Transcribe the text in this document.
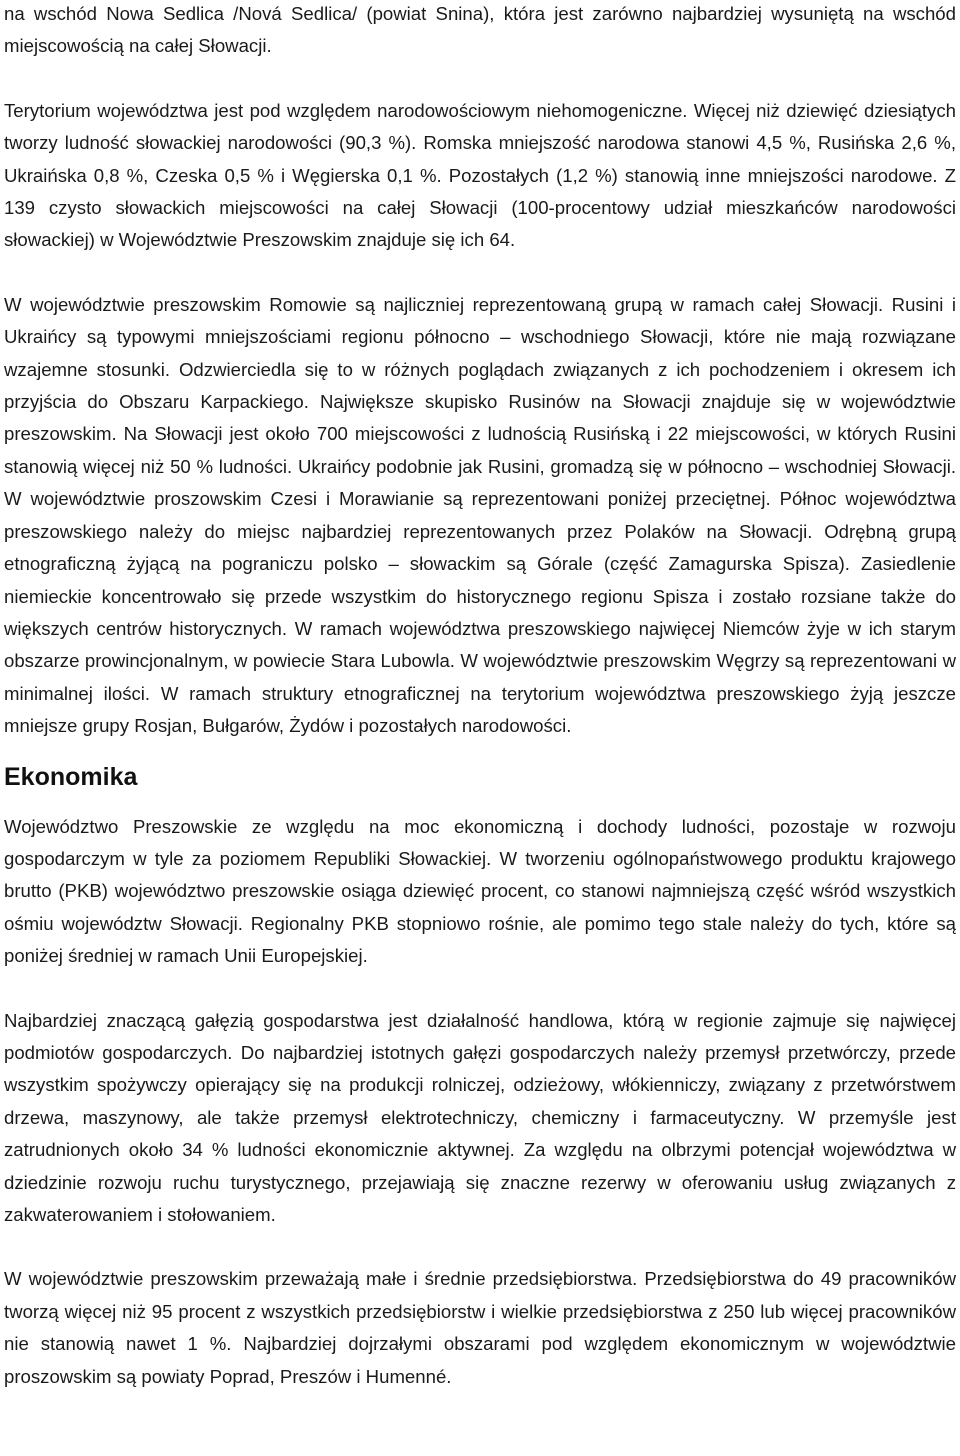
na wschód Nowa Sedlica /Nová Sedlica/ (powiat Snina), która jest zarówno najbardziej wysuniętą na wschód miejscowością na całej Słowacji.

Terytorium województwa jest pod względem narodowościowym niehomogeniczne. Więcej niż dziewięć dziesiątych tworzy ludność słowackiej narodowości (90,3 %). Romska mniejszość narodowa stanowi 4,5 %, Rusińska 2,6 %, Ukraińska 0,8 %, Czeska 0,5 % i Węgierska 0,1 %. Pozostałych (1,2 %) stanowią inne mniejszości narodowe. Z 139 czysto słowackich miejscowości na całej Słowacji (100-procentowy udział mieszkańców narodowości słowackiej) w Województwie Preszowskim znajduje się ich 64.

W województwie preszowskim Romowie są najliczniej reprezentowaną grupą w ramach całej Słowacji. Rusini i Ukraińcy są typowymi mniejszościami regionu północno – wschodniego Słowacji, które nie mają rozwiązane wzajemne stosunki. Odzwierciedla się to w różnych poglądach związanych z ich pochodzeniem i okresem ich przyjścia do Obszaru Karpackiego. Największe skupisko Rusinów na Słowacji znajduje się w województwie preszowskim. Na Słowacji jest około 700 miejscowości z ludnością Rusińską i 22 miejscowości, w których Rusini stanowią więcej niż 50 % ludności. Ukraińcy podobnie jak Rusini, gromadzą się w północno – wschodniej Słowacji. W województwie proszowskim Czesi i Morawianie są reprezentowani poniżej przeciętnej. Północ województwa preszowskiego należy do miejsc najbardziej reprezentowanych przez Polaków na Słowacji. Odrębną grupą etnograficzną żyjącą na pograniczu polsko – słowackim są Górale (część Zamagurska Spisza). Zasiedlenie niemieckie koncentrowało się przede wszystkim do historycznego regionu Spisza i zostało rozsiane także do większych centrów historycznych. W ramach województwa preszowskiego najwięcej Niemców żyje w ich starym obszarze prowincjonalnym, w powiecie Stara Lubowla. W województwie preszowskim Węgrzy są reprezentowani w minimalnej ilości. W ramach struktury etnograficznej na terytorium województwa preszowskiego żyją jeszcze mniejsze grupy Rosjan, Bułgarów, Żydów i pozostałych narodowości.

Ekonomika

Województwo Preszowskie ze względu na moc ekonomiczną i dochody ludności, pozostaje w rozwoju gospodarczym w tyle za poziomem Republiki Słowackiej. W tworzeniu ogólnopaństwowego produktu krajowego brutto (PKB) województwo preszowskie osiąga dziewięć procent, co stanowi najmniejszą część wśród wszystkich ośmiu województw Słowacji. Regionalny PKB stopniowo rośnie, ale pomimo tego stale należy do tych, które są poniżej średniej w ramach Unii Europejskiej.

Najbardziej znaczącą gałęzią gospodarstwa jest działalność handlowa, którą w regionie zajmuje się najwięcej podmiotów gospodarczych. Do najbardziej istotnych gałęzi gospodarczych należy przemysł przetwórczy, przede wszystkim spożywczy opierający się na produkcji rolniczej, odzieżowy, włókienniczy, związany z przetwórstwem drzewa, maszynowy, ale także przemysł elektrotechniczy, chemiczny i farmaceutyczny. W przemyśle jest zatrudnionych około 34 % ludności ekonomicznie aktywnej. Za względu na olbrzymi potencjał województwa w dziedzinie rozwoju ruchu turystycznego, przejawiają się znaczne rezerwy w oferowaniu usług związanych z zakwaterowaniem i stołowaniem.

W województwie preszowskim przeważają małe i średnie przedsiębiorstwa. Przedsiębiorstwa do 49 pracowników tworzą więcej niż 95 procent z wszystkich przedsiębiorstw i wielkie przedsiębiorstwa z 250 lub więcej pracowników nie stanowią nawet 1 %. Najbardziej dojrzałymi obszarami pod względem ekonomicznym w województwie proszowskim są powiaty Poprad, Preszów i Humenné.
